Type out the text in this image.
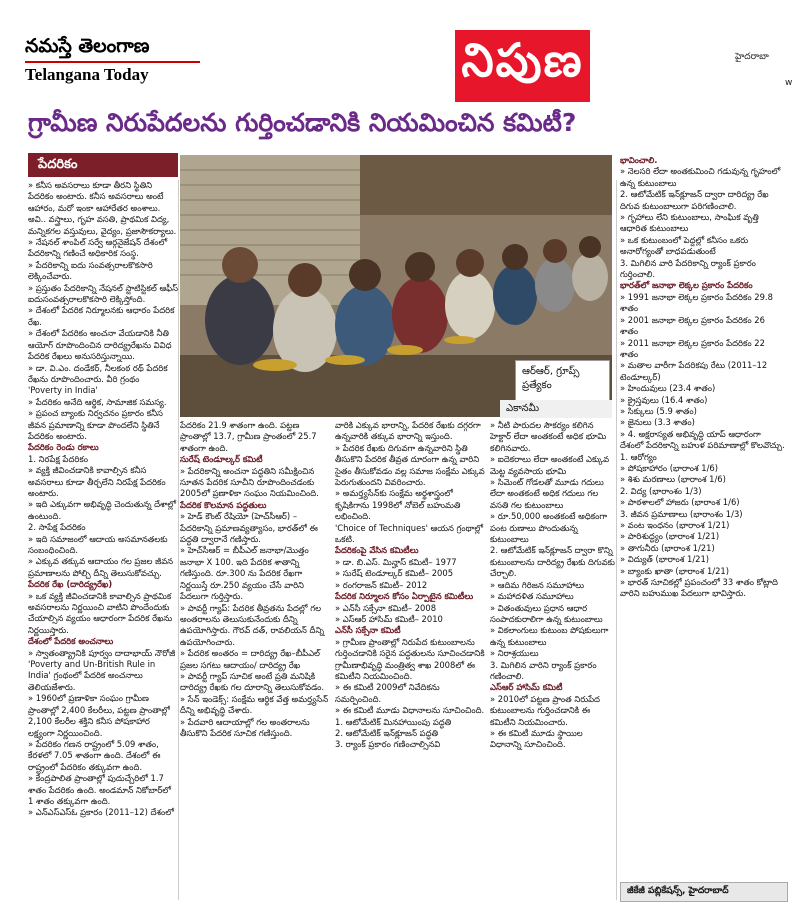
నమస్తే తెలంగాణ
Telangana Today	నిపుణ	హైదరాబా
w
గ్రామీణ నిరుపేదలను గుర్తించడానికి నియమించిన కమిటీ?
పేదరికం
ఆర్‌ఆర్‌, గ్రూప్స్‌ ప్రత్యేకం
ఎకానమీ
» కనీస అవసరాలు కూడా తీరని స్థితిని పేదరికం అంటారు. కనీస అవసరాలు అంటే ఆహారం, మరో ఇంకా ఆహారేతర అంశాలు. అవి.. వస్త్రాలు, గృహ వసతి, ప్రాథమిక విద్య, మన్నికగల వస్తువులు, వైద్యం, ప్రజాసౌకర్యాలు.
» నేషనల్‌ శాంపిల్‌ సర్వే ఆర్గనైజేషన్‌ దేశంలో పేదరికాన్ని గణించే అధికారిక సంస్థ.
» పేదరికాన్ని ఐదు సంవత్సరాలకొకసారి లెక్కించేవారు.
» ప్రస్తుతం పేదరికాన్ని నేషనల్‌ స్టాటిస్టికల్‌ ఆఫీస్‌ ఐదుసంవత్సరాలకొకసారి లెక్కిస్తోంది.
» దేశంలో పేదరిక నిర్మూలనకు ఆధారం పేదరిక రేఖ.
» దేశంలో పేదరికం అంచనా వేయడానికి నీతి ఆయోగ్‌ రూపొందించిన దారిద్య్రరేఖను వివిధ పేదరిక రేఖలు అనుసరిస్తున్నాయి.
» డా. వి.ఎం. దండేకర్‌, నీలకంఠ రథ్‌ పేదరిక రేఖను రూపొందించారు. వీరి గ్రంథం
'Poverty in India'
» పేదరికం అనేది ఆర్థిక, సామాజిక సమస్య.
» ప్రపంచ బ్యాంకు నిర్వచనం ప్రకారం కనీస జీవన ప్రమాణాన్ని కూడా పొందలేని స్థితినే పేదరికం అంటారు.
పేదరికం రెండు రకాలు
1. నిరపేక్ష పేదరికం
» వ్యక్తి జీవించడానికి కావాల్సిన కనీస అవసరాలు కూడా తీర్చలేని నిరపేక్ష పేదరికం అంటారు.
» ఇది ఎక్కువగా అభివృద్ధి చెందుతున్న దేశాల్లో ఉంటుంది.
2. సాపేక్ష పేదరికం
» ఇది సమాజంలో ఆదాయ అసమానతలకు సంబంధించింది.
» ఎక్కువ తక్కువ ఆదాయం గల ప్రజల జీవన ప్రమాణాలను పోల్చి దీన్ని తెలుసుకోవచ్చు.
పేదరిక రేఖ (దారిద్య్రరేఖ)
» ఒక వ్యక్తి జీవించడానికి కావాల్సిన ప్రాథమిక అవసరాలను నిర్ణయించి వాటిని పొందేందుకు చేయాల్సిన వ్యయం ఆధారంగా పేదరిక రేఖను నిర్ణయిస్తారు.
దేశంలో పేదరిక అంచనాలు
» స్వాతంత్య్రానికి పూర్వం దాదాభాయ్‌ నౌరోజీ 'Poverty and Un-British Rule in India' గ్రంథంలో పేదరిక అంచనాలు తెలియజేశారు.
» 1960లో ప్రణాళికా సంఘం గ్రామీణ ప్రాంతాల్లో 2,400 కేలరీలు, పట్టణ ప్రాంతాల్లో 2,100 కేలరీల శక్తిని కనీస పోషకాహార లక్ష్యంగా నిర్ణయించింది.
» పేదరికం గణన రాష్ట్రంలో 5.09 శాతం, కేరళలో 7.05 శాతంగా ఉంది. దేశంలో ఈ రాష్ట్రంలో పేదరికం తక్కువగా ఉంది.
» కేంద్రపాలిత ప్రాంతాల్లో పుదుచ్చేరిలో 1.7 శాతం పేదరికం ఉంది. అండమాన్‌ నికోబార్‌లో 1 శాతం తక్కువగా ఉంది.
» ఎన్‌ఎస్‌ఎస్‌ఓ ప్రకారం (2011–12) దేశంలో
పేదరికం 21.9 శాతంగా ఉంది. పట్టణ ప్రాంతాల్లో 13.7, గ్రామీణ ప్రాంతంలో 25.7 శాతంగా ఉంది.
సురేష్‌ టెండూల్కర్‌ కమిటీ
» పేదరికాన్ని అంచనా పద్ధతిని సమీక్షించిన సూతన పేదరిక సూచీని రూపొందించడంకు 2005లో ప్రణాళికా సంఘం నియమించింది.
పేదరిక కొలమాన పద్ధతులు
» హెడ్‌ కౌంట్‌ రేషియో (హెచ్‌సీఆర్‌) – పేదరికాన్ని ప్రమాణవ్యత్యాసం, భారత్‌లో ఈ పద్ధతి ద్వారానే గణిస్తారు.
» హెచ్‌సీఆర్‌ = బీపీఎల్‌ జనాభా/మొత్తం జనాభా X 100. ఇది పేదరిక శాతాన్ని గణిస్తుంది. రూ.300 ను పేదరిక రేఖగా నిర్ణయిస్తే రూ.250 వ్యయం చేసే వారిని పేదలుగా గుర్తిస్తారు.
» పావర్టీ గ్యాప్‌: పేదరిక తీవ్రతను పేదల్లో గల అంతరాలను తెలుసుకునేందుకు దీన్ని ఉపయోగిస్తారు. గౌరవ్‌ దత్‌, రావలియన్‌ దీన్ని ఉపయోగించారు.
» పేదరిక అంతరం = దారిద్య్ర రేఖ–బీపీఎల్‌ ప్రజల సగటు ఆదాయం/ దారిద్య్ర రేఖ
» పావర్టీ గ్యాప్‌ సూచిక అంటే ప్రతి మనిషికి దారిద్య్ర రేఖకు గల దూరాన్ని తెలుసుకోవడం.
» సేన్‌ ఇండెక్స్‌: సంక్షేమ ఆర్థిక వేత్త అమర్త్యసేన్‌ దీన్ని అభివృద్ధి చేశారు.
» పేదవారి ఆదాయాల్లో గల అంతరాలను తీసుకొని పేదరిక సూచిక గణిస్తుంది.
వారికి ఎక్కువ భారాన్ని, పేదరిక రేఖకు దగ్గరగా ఉన్నవారికి తక్కువ భారాన్ని ఇస్తుంది.
» పేదరిక రేఖకు దిగువగా ఉన్నవారిని స్థితి తీసుకొని పేదరిక తీవ్రత దూరంగా ఉన్న వారిని సైతం తీసుకోవడం వల్ల సమాజ సంక్షేమ ఎక్కువ పెరుగుతుందని వివరించారు.
» అమర్త్యసేన్‌కు సంక్షేమ అర్థశాస్త్రంలో కృషికిగాను 1998లో నోబెల్‌ బహుమతి లభించింది.
'Choice of Techniques' ఆయన గ్రంథాల్లో ఒకటి.
పేదరికంపై వేసిన కమిటీలు
» డా. బి.ఎస్‌. మిన్హాస్‌ కమిటీ– 1977
» సురేష్‌ టెండూల్కర్‌ కమిటీ– 2005
» రంగరాజన్‌ కమిటీ– 2012
పేదరిక నిర్మూలన కోసం ఏర్పాటైన కమిటీలు
» ఎన్‌సీ సక్సేనా కమిటీ– 2008
» ఎస్‌ఆర్‌ హాసిమ్‌ కమిటీ– 2010
ఎన్‌సీ సక్సేనా కమిటీ
» గ్రామీణ ప్రాంతాల్లో నిరుపేద కుటుంబాలను గుర్తించడానికి సరైన పద్ధతులను సూచించడానికి గ్రామీణాభివృద్ధి మంత్రిత్వ శాఖ 2008లో ఈ కమిటీని నియమించింది.
» ఈ కమిటీ 2009లో నివేదికను సమర్పించింది.
» ఈ కమిటీ మూడు విధానాలను సూచించింది.
1. ఆటోమేటిక్‌ మినహాయింపు పద్ధతి
2. ఆటోమేటిక్‌ ఇన్‌క్లూజన్‌ పద్ధతి
3. ర్యాంక్‌ ప్రకారం గణించాల్సినవి
» నీటి పారుదల సౌకర్యం కలిగిన హెక్టార్‌ లేదా అంతకంటే అధిక భూమి కలిగినవారు.
» ఐదెకరాలు లేదా అంతకంటే ఎక్కువ మెట్ట వ్యవసాయ భూమి
» సిమెంట్‌ గోడలతో మూడు గదులు లేదా అంతకంటే అధిక గదులు గల వసతి గల కుటుంబాలు
» రూ.50,000 అంతకంటే అధికంగా పంట రుణాలు పొందుతున్న కుటుంబాలు
2. ఆటోమేటిక్‌ ఇన్‌క్లూజన్‌ ద్వారా కొన్ని కుటుంబాలను దారిద్య్ర రేఖకు దిగువకు చేర్చాలి.
» ఆదిమ గిరిజన సమూహాలు
» మహాదళిత సమూహాలు
» వితంతువులు ప్రధాన ఆధార సంపాదకురాలిగా ఉన్న కుటుంబాలు
» వికలాంగులు కుటుంబ పోషకులుగా ఉన్న కుటుంబాలు
» నిరాశ్రయులు
3. మిగిలిన వారిని ర్యాంక్‌ ప్రకారం గణించాలి.
ఎస్‌ఆర్‌ హాసిమ్‌ కమిటీ
» 2010లో పట్టణ ప్రాంత నిరుపేద కుటుంబాలను గుర్తించడానికి ఈ కమిటీని నియమించారు.
» ఈ కమిటీ మూడు స్థాయిల విధానాన్ని సూచించింది.
భావించాలి.
» నెలసరి లేదా అంతకుమించి గడువున్న గృహంలో ఉన్న కుటుంబాలు
2. ఆటోమేటిక్‌ ఇన్‌క్లూజన్‌ ద్వారా దారిద్య్ర రేఖ దిగువ కుటుంబాలుగా పరిగణించాలి.
» గృహాలు లేని కుటుంబాలు, సాంఘిక వృత్తి ఆధారిత కుటుంబాలు
» ఒక కుటుంబంలో పెద్దల్లో కనీసం ఒకరు అనారోగ్యంతో బాధపడుతుంటే
3. మిగిలిన వారి పేదరికాన్ని ర్యాంక్‌ ప్రకారం గుర్తించాలి.
భారత్‌లో జనాభా లెక్కల ప్రకారం పేదరికం
» 1991 జనాభా లెక్కల ప్రకారం పేదరికం 29.8 శాతం
» 2001 జనాభా లెక్కల ప్రకారం పేదరికం 26 శాతం
» 2011 జనాభా లెక్కల ప్రకారం పేదరికం 22 శాతం
» మతాల వారీగా పేదరికపు రేటు (2011–12 టెండూల్కర్‌)
» హిందువులు (23.4 శాతం)
» క్రైస్తవులు (16.4 శాతం)
» సిక్కులు (5.9 శాతం)
» జైనులు (3.3 శాతం)
» 4. అక్షరాస్యత అభివృద్ధి యాప్‌ ఆధారంగా దేశంలో పేదరికాన్ని బహుళ పరిమాణాల్లో కొలవొచ్చు.
1. ఆరోగ్యం
» పోషకాహారం (భారాంశ 1/6)
» శిశు మరణాలు (భారాంశ 1/6)
2. విద్య (భారాంశం 1/3)
» పాఠశాలలో హాజరు (భారాంశ 1/6)
3. జీవన ప్రమాణాలు (భారాంశం 1/3)
» వంట ఇంధనం (భారాంశ 1/21)
» పారిశుద్ధ్యం (భారాంశ 1/21)
» తాగునీరు (భారాంశ 1/21)
» విద్యుత్‌ (భారాంశ 1/21)
» బ్యాంకు ఖాతా (భారాంశ 1/21)
» భారత్‌ సూచికల్లో ప్రపంచంలో 33 శాతం కోట్లాది వారిని బహుముఖ పేదలుగా భావిస్తారు.
జీకేజీ పబ్లికేషన్స్‌, హైదరాబాద్‌
